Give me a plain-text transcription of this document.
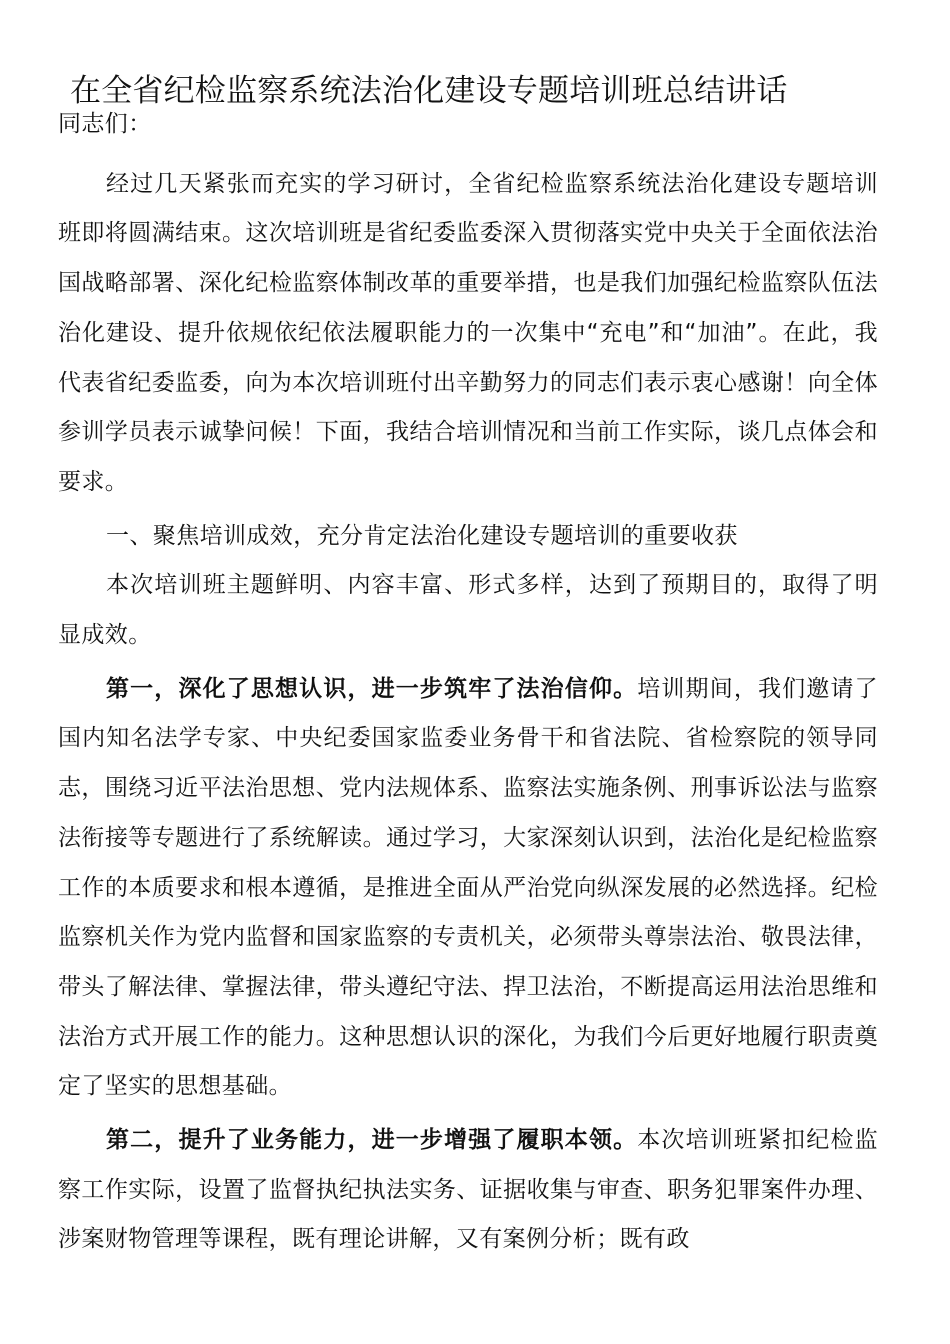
在全省纪检监察系统法治化建设专题培训班总结讲话

同志们：

经过几天紧张而充实的学习研讨，全省纪检监察系统法治化建设专题培训班即将圆满结束。这次培训班是省纪委监委深入贯彻落实党中央关于全面依法治国战略部署、深化纪检监察体制改革的重要举措，也是我们加强纪检监察队伍法治化建设、提升依规依纪依法履职能力的一次集中“充电”和“加油”。在此，我代表省纪委监委，向为本次培训班付出辛勤努力的同志们表示衷心感谢！向全体参训学员表示诚挚问候！下面，我结合培训情况和当前工作实际，谈几点体会和要求。

一、聚焦培训成效，充分肯定法治化建设专题培训的重要收获

本次培训班主题鲜明、内容丰富、形式多样，达到了预期目的，取得了明显成效。

第一，深化了思想认识，进一步筑牢了法治信仰。培训期间，我们邀请了国内知名法学专家、中央纪委国家监委业务骨干和省法院、省检察院的领导同志，围绕习近平法治思想、党内法规体系、监察法实施条例、刑事诉讼法与监察法衔接等专题进行了系统解读。通过学习，大家深刻认识到，法治化是纪检监察工作的本质要求和根本遵循，是推进全面从严治党向纵深发展的必然选择。纪检监察机关作为党内监督和国家监察的专责机关，必须带头尊崇法治、敬畏法律，带头了解法律、掌握法律，带头遵纪守法、捍卫法治，不断提高运用法治思维和法治方式开展工作的能力。这种思想认识的深化，为我们今后更好地履行职责奠定了坚实的思想基础。

第二，提升了业务能力，进一步增强了履职本领。本次培训班紧扣纪检监察工作实际，设置了监督执纪执法实务、证据收集与审查、职务犯罪案件办理、涉案财物管理等课程，既有理论讲解，又有案例分析；既有政
